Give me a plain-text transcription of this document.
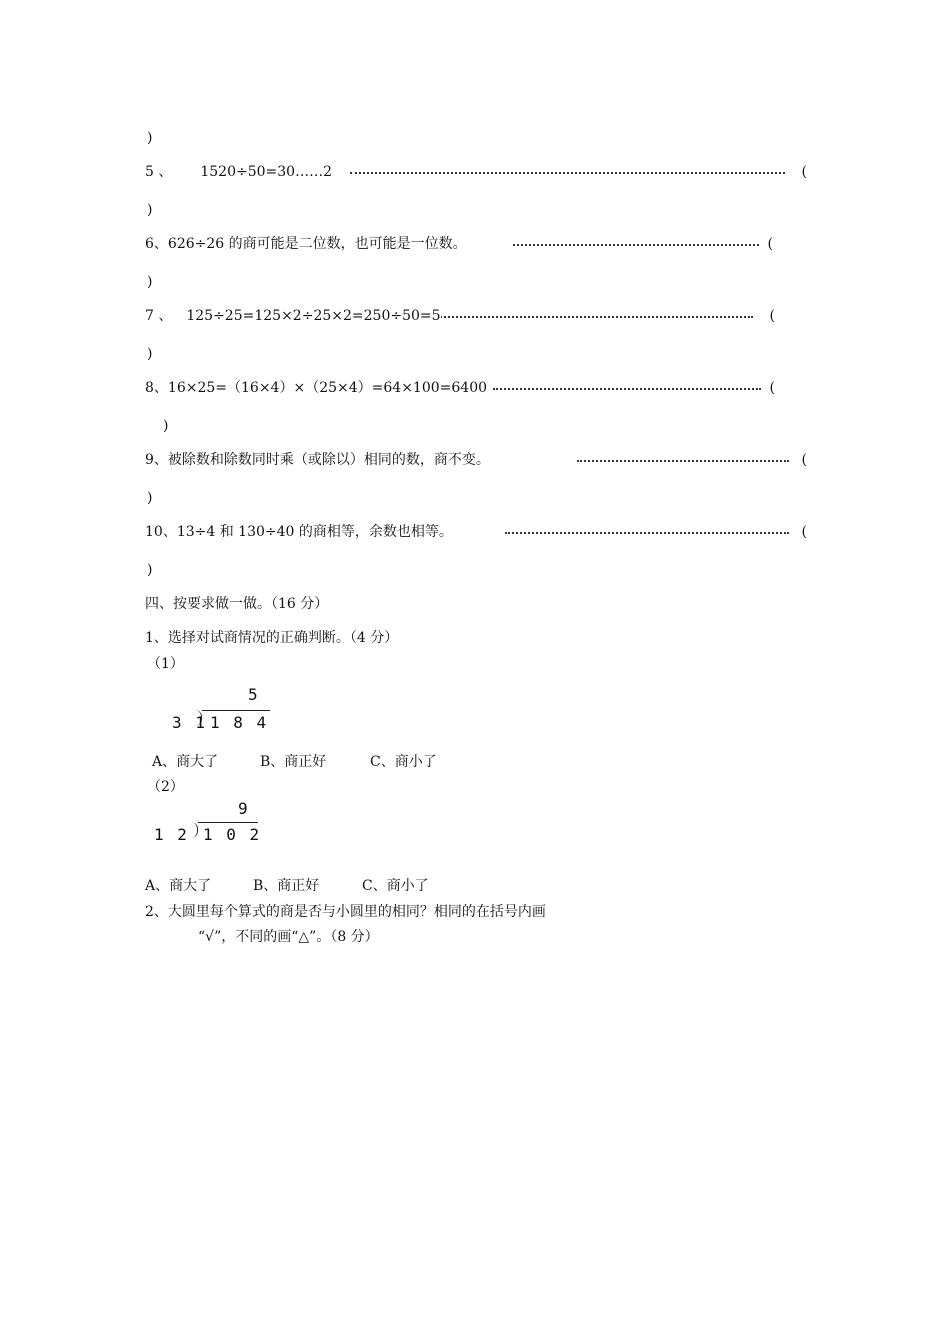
)
5 、 1520÷50=30……2	(
)
6、626÷26 的商可能是二位数，也可能是一位数。	(
)
7 、 125÷25=125×2÷25×2=250÷50=5	(
)
8、16×25=（16×4）×（25×4）=64×100=6400	(
)
9、被除数和除数同时乘（或除以）相同的数，商不变。	(
)
10、13÷4 和 130÷40 的商相等，余数也相等。	(
)
四、按要求做一做。（16 分）
1、选择对试商情况的正确判断。（4 分）
（1）
5
3 1 1 8 4
A、商大了	B、商正好	C、商小了
（2）
9
1 2 1 0 2
A、商大了	B、商正好	C、商小了
2、大圆里每个算式的商是否与小圆里的相同？相同的在括号内画
“√”，不同的画“△”。（8 分）
